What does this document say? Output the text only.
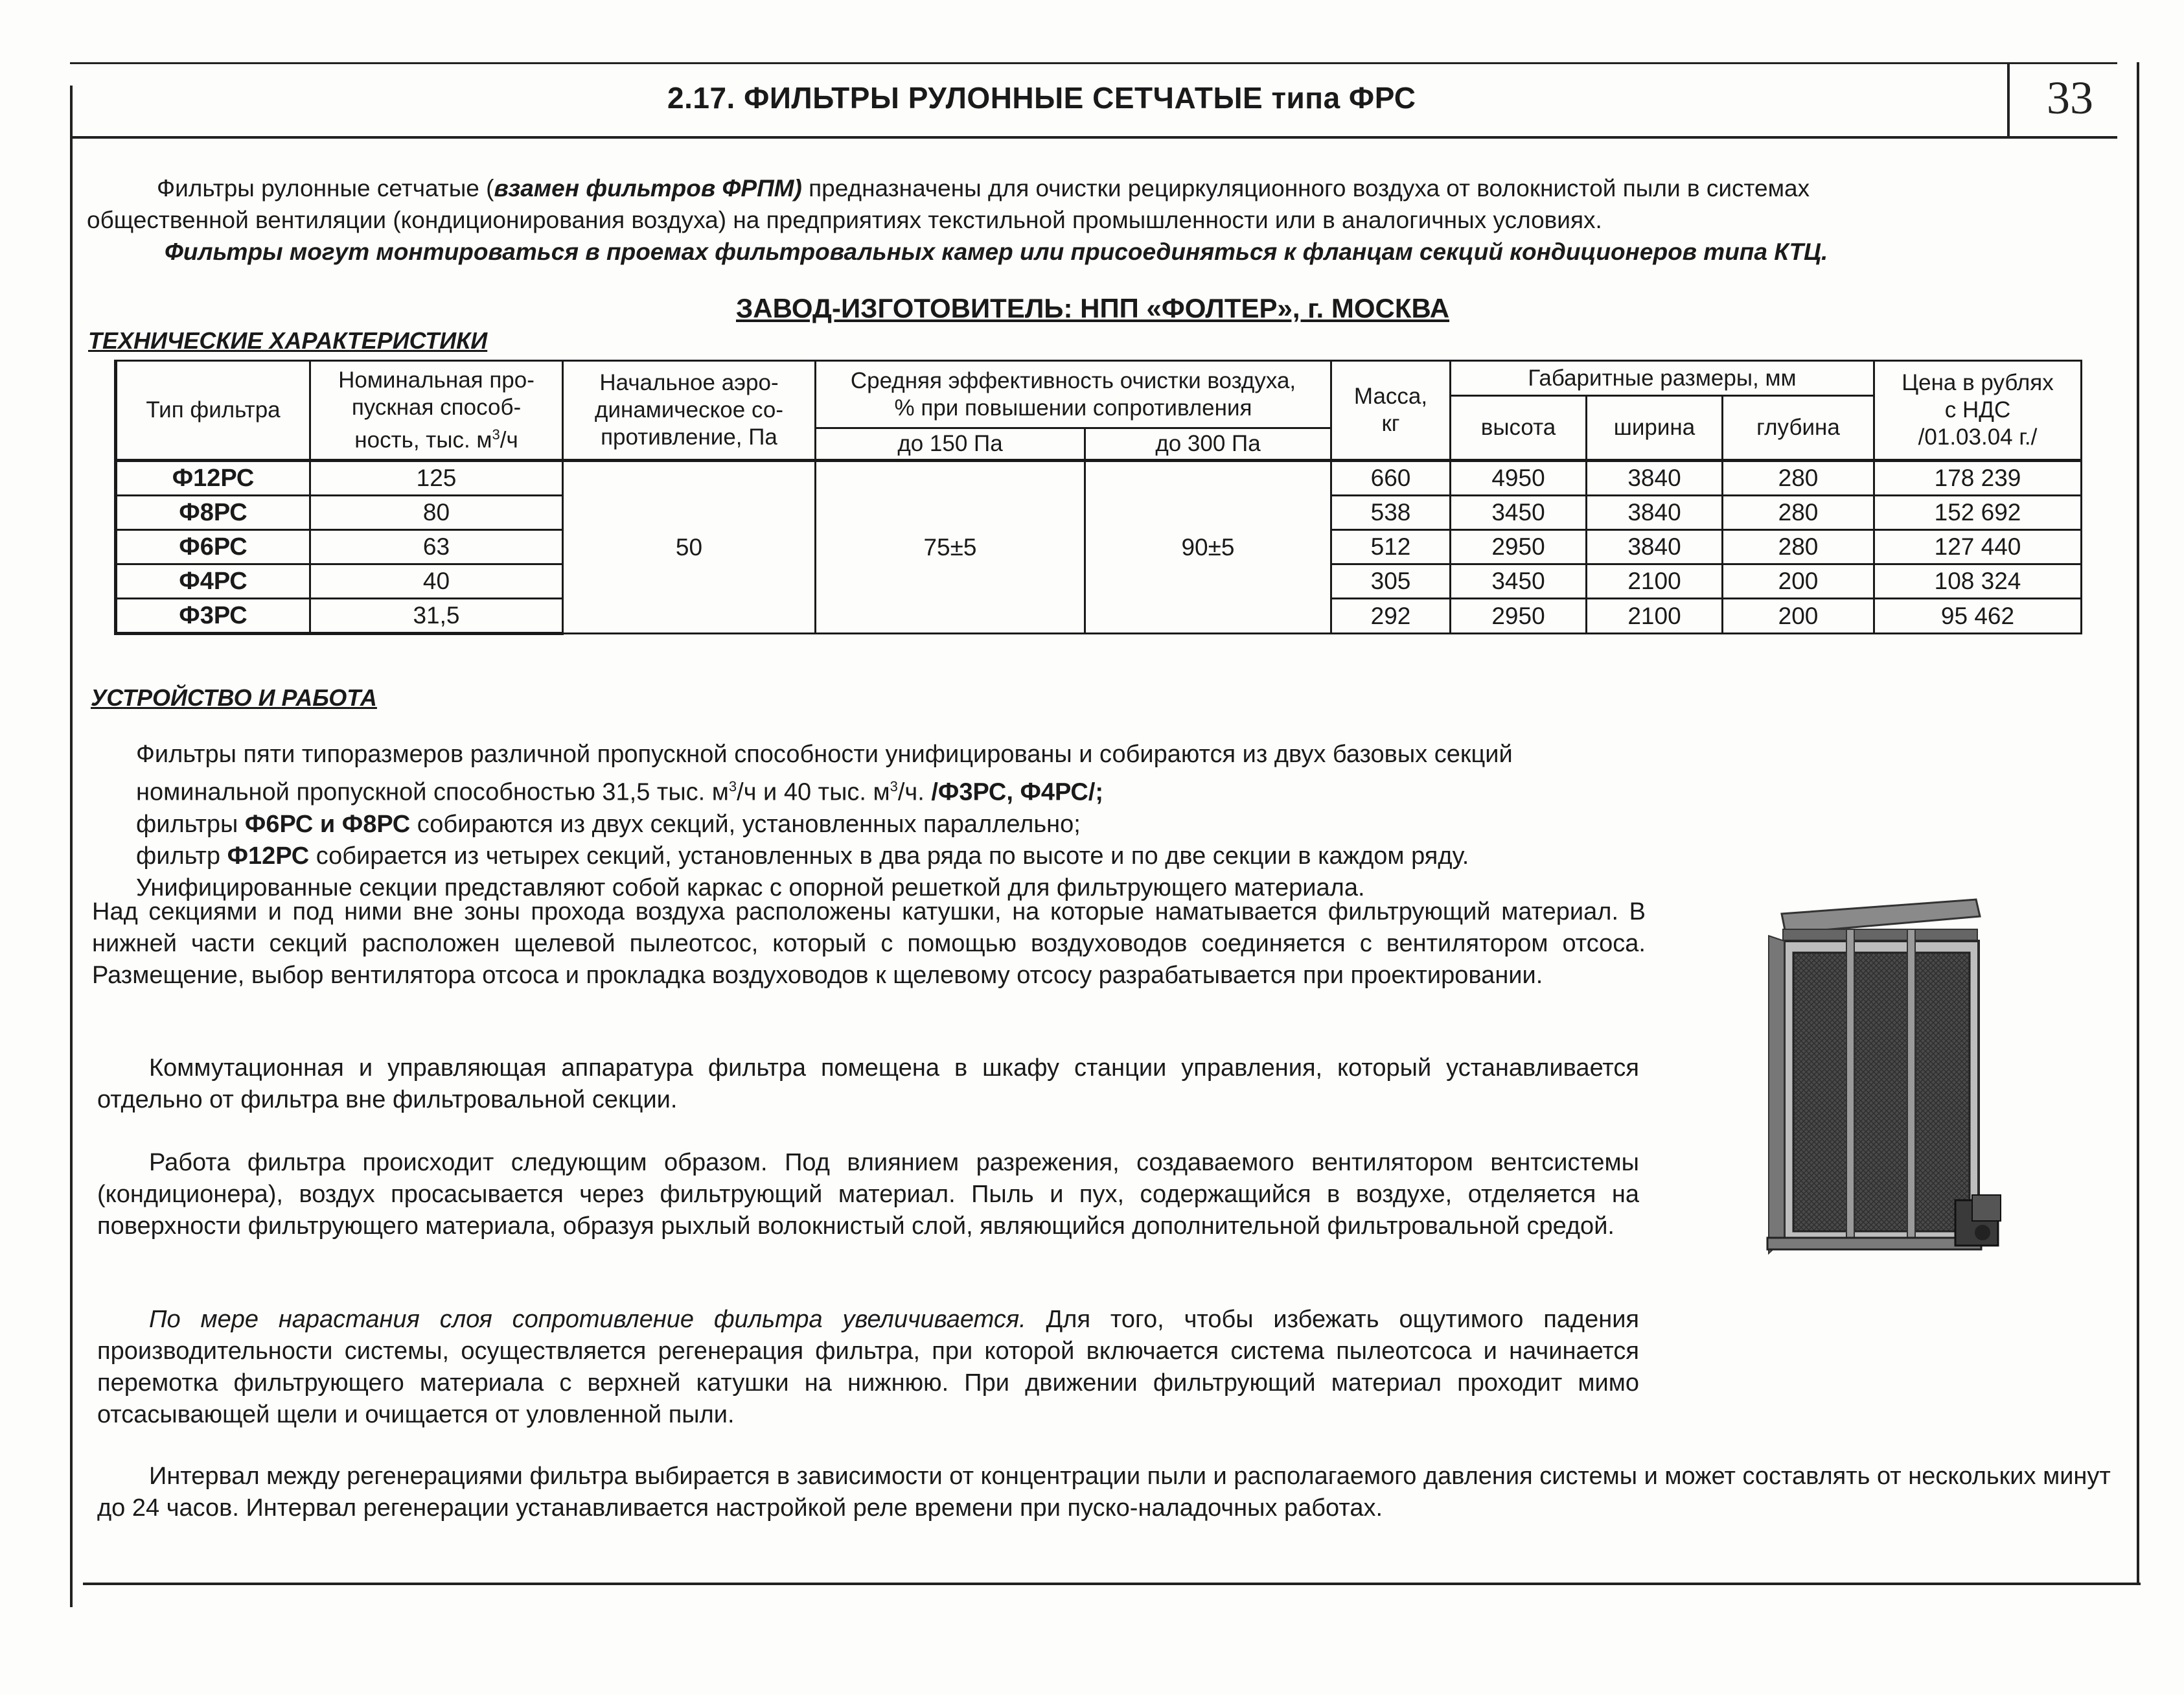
33
2.17. ФИЛЬТРЫ РУЛОННЫЕ СЕТЧАТЫЕ типа ФРС

Фильтры рулонные сетчатые (взамен фильтров ФРПМ) предназначены для очистки рециркуляционного воздуха от волокнистой пыли в системах

общественной вентиляции (кондиционирования воздуха) на предприятиях текстильной промышленности или в аналогичных условиях.

Фильтры могут монтироваться в проемах фильтровальных камер или присоединяться к фланцам секций кондиционеров типа КТЦ.

ЗАВОД-ИЗГОТОВИТЕЛЬ: НПП «ФОЛТЕР», г. МОСКВА
ТЕХНИЧЕСКИЕ ХАРАКТЕРИСТИКИ
Тип фильтра	Номинальная про-
пускная способ-
ность, тыс. $м^3/ч$	Начальное аэро-
динамическое со-
противление, Па	Средняя эффективность очистки воздуха,
% при повышении сопротивления		Масса,
кг	Габаритные размеры, мм			Цена в рублях
с НДС
/01.03.04 г./
						высота	ширина	глубина	
			до 150 Па	до 300 Па					
Ф12РС	125	50	75±5	90±5	660	4950	3840	280	178 239
Ф8РС	80				538	3450	3840	280	152 692
Ф6РС	63				512	2950	3840	280	127 440
Ф4РС	40				305	3450	2100	200	108 324
Ф3РС	31,5				292	2950	2100	200	95 462
УСТРОЙСТВО И РАБОТА

Фильтры пяти типоразмеров различной пропускной способности унифицированы и собираются из двух базовых секций номинальной пропускной способностью 31,5 тыс. $м^3/ч$ и 40 тыс. $м^3/ч$. /Ф3РС, Ф4РС/;

фильтры Ф6РС и Ф8РС собираются из двух секций, установленных параллельно;

фильтр Ф12РС собирается из четырех секций, установленных в два ряда по высоте и по две секции в каждом ряду.

Унифицированные секции представляют собой каркас с опорной решеткой для фильтрующего материала.

Над секциями и под ними вне зоны прохода воздуха расположены катушки, на которые наматывается фильтрующий материал. В нижней части секций расположен щелевой пылеотсос, который с помощью воздуховодов соединяется с вентилятором отсоса. Размещение, выбор вентилятора отсоса и прокладка воздуховодов к щелевому отсосу разрабатывается при проектировании.

Коммутационная и управляющая аппаратура фильтра помещена в шкафу станции управления, который устанавливается отдельно от фильтра вне фильтровальной секции.

Работа фильтра происходит следующим образом. Под влиянием разрежения, создаваемого вентилятором вентсистемы (кондиционера), воздух просасывается через фильтрующий материал. Пыль и пух, содержащийся в воздухе, отделяется на поверхности фильтрующего материала, образуя рыхлый волокнистый слой, являющийся дополнительной фильтровальной средой.

По мере нарастания слоя сопротивление фильтра увеличивается. Для того, чтобы избежать ощутимого падения производительности системы, осуществляется регенерация фильтра, при которой включается система пылеотсоса и начинается перемотка фильтрующего материала с верхней катушки на нижнюю. При движении фильтрующий материал проходит мимо отсасывающей щели и очищается от уловленной пыли.

Интервал между регенерациями фильтра выбирается в зависимости от концентрации пыли и располагаемого давления системы и может составлять от нескольких минут до 24 часов. Интервал регенерации устанавливается настройкой реле времени при пуско-наладочных работах.
